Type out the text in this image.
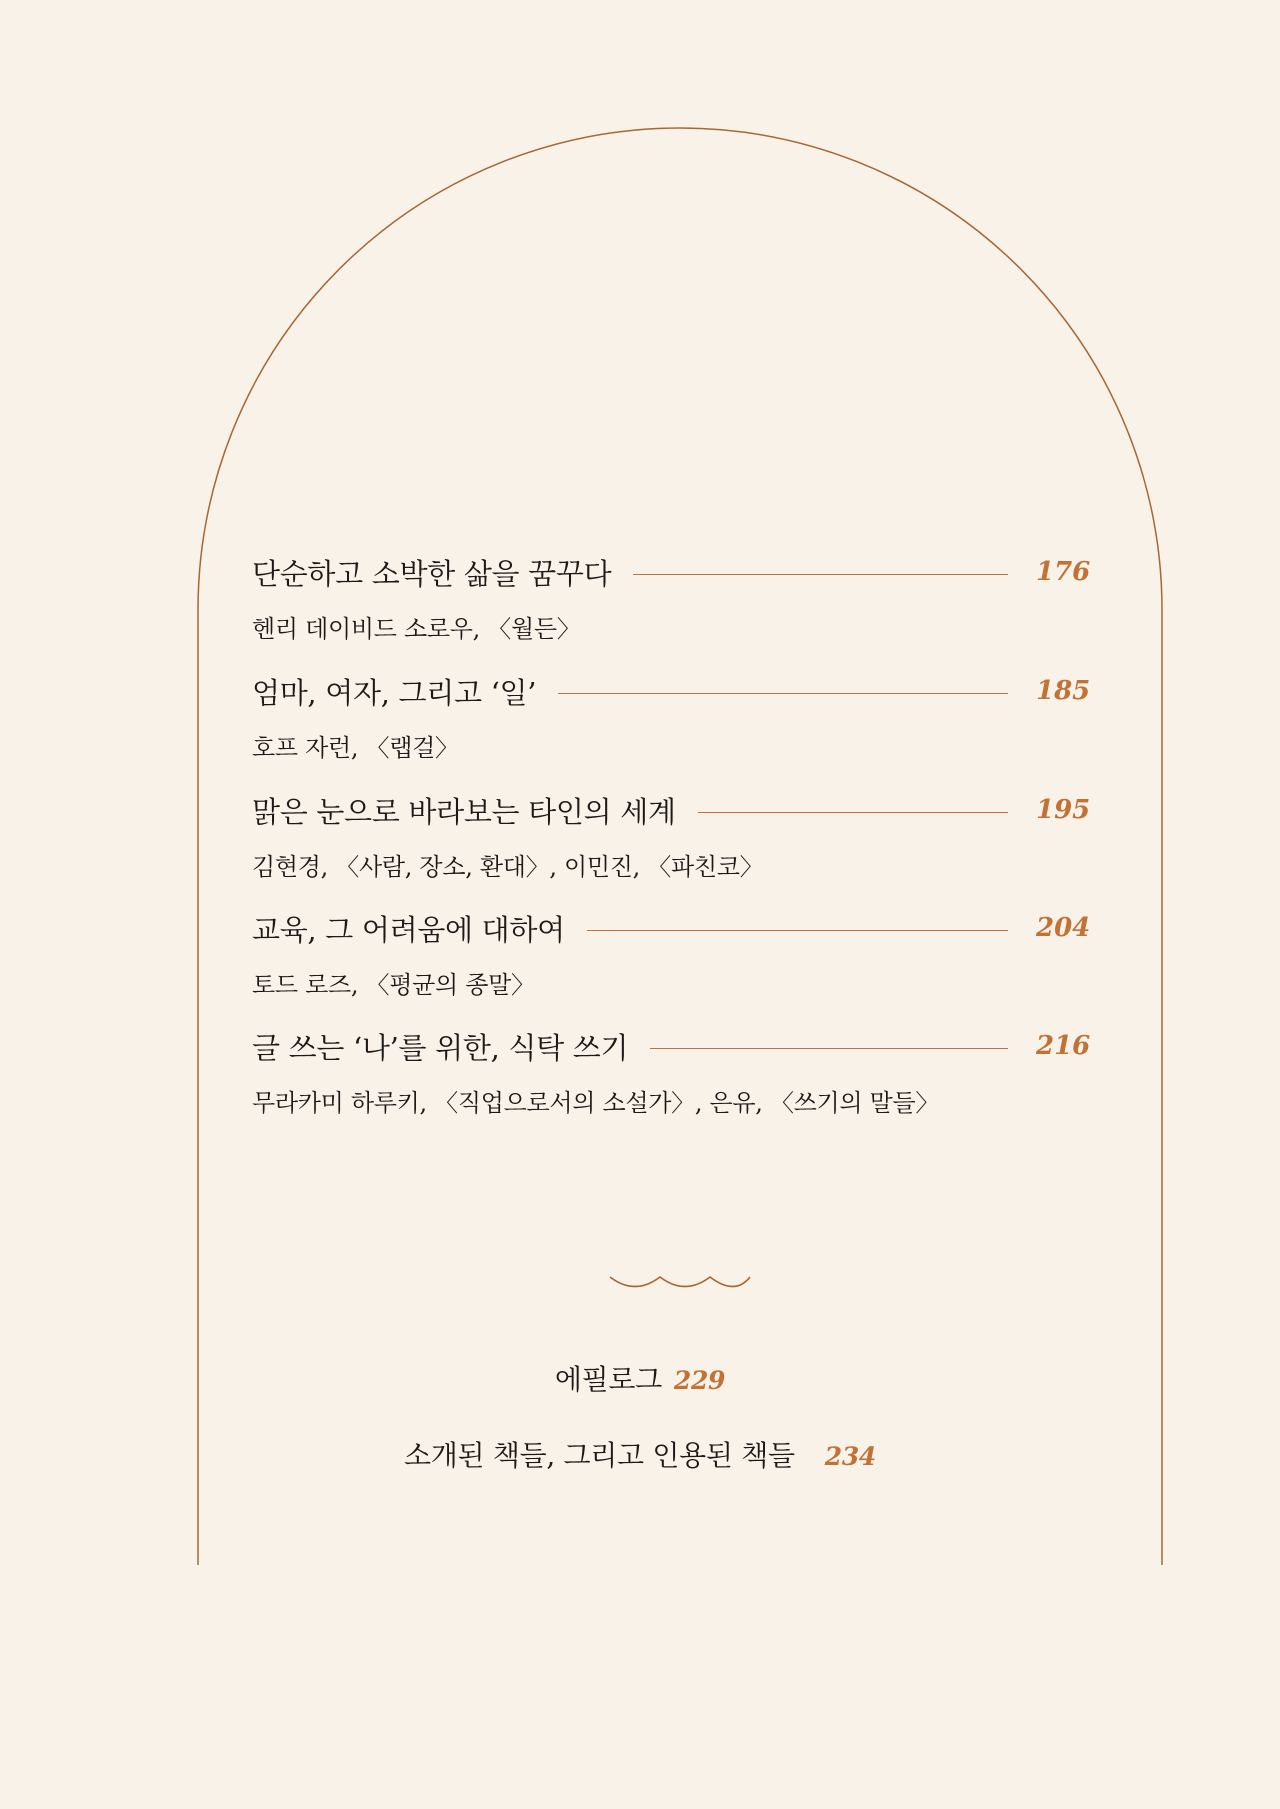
단순하고 소박한 삶을 꿈꾸다	176
헨리 데이비드 소로우, 〈월든〉
엄마, 여자, 그리고 ‘일’	185
호프 자런, 〈랩걸〉
맑은 눈으로 바라보는 타인의 세계	195
김현경, 〈사람, 장소, 환대〉, 이민진, 〈파친코〉
교육, 그 어려움에 대하여	204
토드 로즈, 〈평균의 종말〉
글 쓰는 ‘나’를 위한, 식탁 쓰기	216
무라카미 하루키, 〈직업으로서의 소설가〉, 은유, 〈쓰기의 말들〉
에필로그 229
소개된 책들, 그리고 인용된 책들 234
